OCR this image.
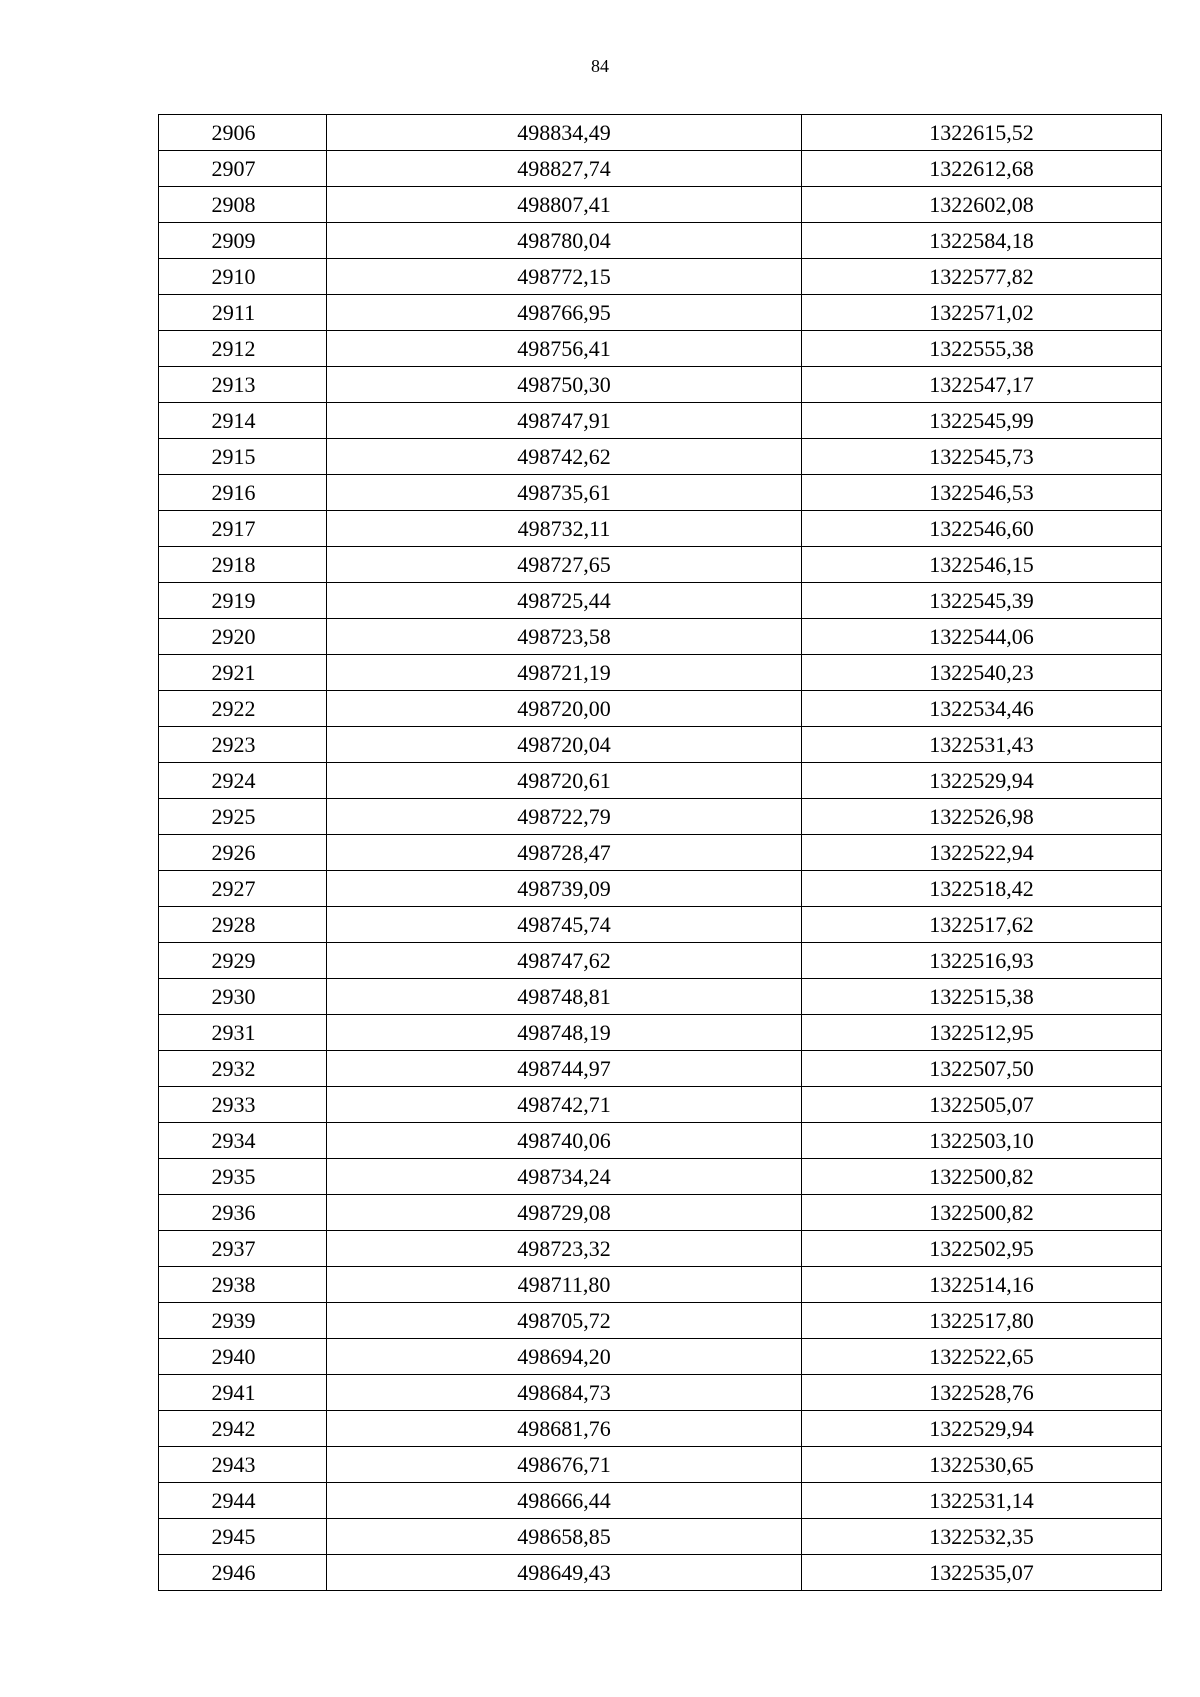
84
2906	498834,49	1322615,52
2907	498827,74	1322612,68
2908	498807,41	1322602,08
2909	498780,04	1322584,18
2910	498772,15	1322577,82
2911	498766,95	1322571,02
2912	498756,41	1322555,38
2913	498750,30	1322547,17
2914	498747,91	1322545,99
2915	498742,62	1322545,73
2916	498735,61	1322546,53
2917	498732,11	1322546,60
2918	498727,65	1322546,15
2919	498725,44	1322545,39
2920	498723,58	1322544,06
2921	498721,19	1322540,23
2922	498720,00	1322534,46
2923	498720,04	1322531,43
2924	498720,61	1322529,94
2925	498722,79	1322526,98
2926	498728,47	1322522,94
2927	498739,09	1322518,42
2928	498745,74	1322517,62
2929	498747,62	1322516,93
2930	498748,81	1322515,38
2931	498748,19	1322512,95
2932	498744,97	1322507,50
2933	498742,71	1322505,07
2934	498740,06	1322503,10
2935	498734,24	1322500,82
2936	498729,08	1322500,82
2937	498723,32	1322502,95
2938	498711,80	1322514,16
2939	498705,72	1322517,80
2940	498694,20	1322522,65
2941	498684,73	1322528,76
2942	498681,76	1322529,94
2943	498676,71	1322530,65
2944	498666,44	1322531,14
2945	498658,85	1322532,35
2946	498649,43	1322535,07
